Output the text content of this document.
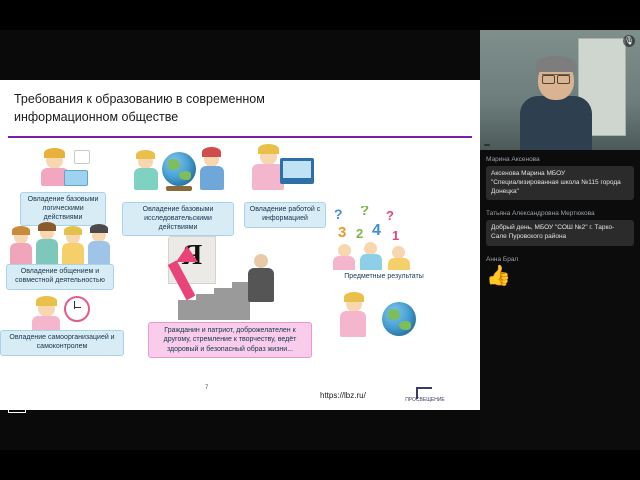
Требования к образованию в современном информационном обществе
Овладение базовыми логическими действиями
Овладение базовыми исследовательскими действиями
Овладение работой с информацией
Овладение общением и совместной деятельностью
Овладение самоорганизацией и самоконтролем
Я
Гражданин и патриот, доброжелателен к другому, стремление к творчеству, ведёт здоровый и безопасный образ жизни...
? ? ?
3 4
2 1
Предметные результаты
https://lbz.ru/
7
ПРОСВЕЩЕНИЕ
ПРОСВЕЩЕНИЕ
🎙
Марина Аксенова
Аксенова Марина МБОУ "Специализированная школа №115 города Донецка"
Татьяна Александровна Мертюкова
Добрый день, МБОУ "СОШ №2" г. Тарко-Сале Пуровского района
Анна Брал
👍
